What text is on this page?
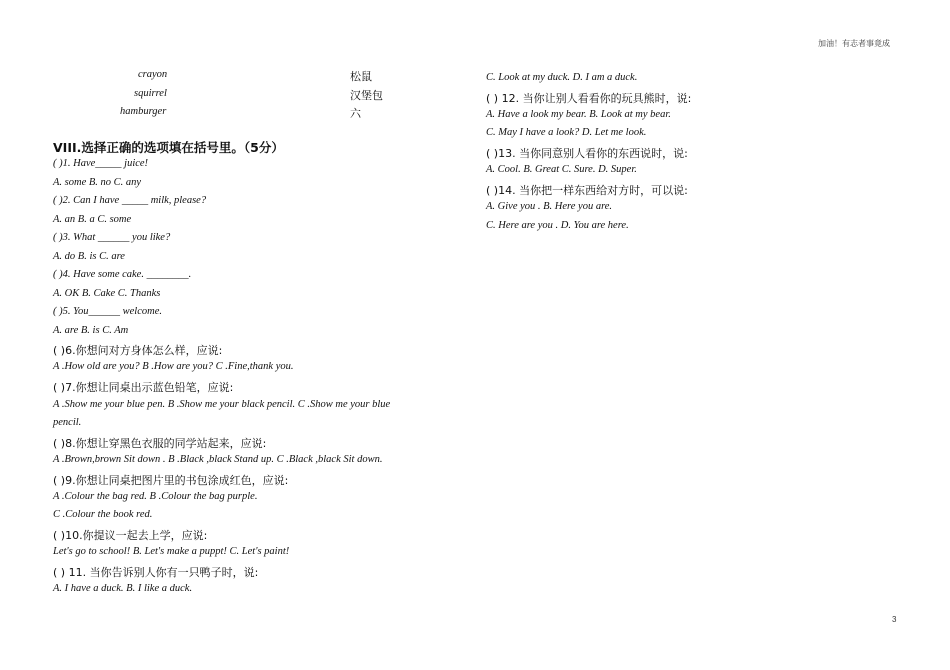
加油！有志者事竟成
crayon	松鼠
squirrel	汉堡包
hamburger	六
VIII.选择正确的选项填在括号里。（5分）
( )1. Have_____ juice!
A. some B. no C. any
( )2. Can I have _____ milk, please?
A. an B. a C. some
( )3. What ______ you like?
A. do B. is C. are
( )4. Have some cake. ________.
A. OK B. Cake C. Thanks
( )5. You______ welcome.
A. are B. is C. Am
( )6.你想问对方身体怎么样，应说:
A .How old are you? B .How are you? C .Fine,thank you.
( )7.你想让同桌出示蓝色铅笔，应说:
A .Show me your blue pen. B .Show me your black pencil. C .Show me your blue
pencil.
( )8.你想让穿黑色衣服的同学站起来，应说:
A .Brown,brown Sit down . B .Black ,black Stand up. C .Black ,black Sit down.
( )9.你想让同桌把图片里的书包涂成红色，应说:
A .Colour the bag red. B .Colour the bag purple.
C .Colour the book red.
( )10.你提议一起去上学，应说:
Let's go to school! B. Let's make a puppt! C. Let's paint!
( ) 11. 当你告诉别人你有一只鸭子时，说:
A. I have a duck. B. I like a duck.
C. Look at my duck. D. I am a duck.
( ) 12. 当你让别人看看你的玩具熊时，说:
A. Have a look my bear. B. Look at my bear.
C. May I have a look? D. Let me look.
( )13. 当你同意别人看你的东西说时，说:
A. Cool. B. Great C. Sure. D. Super.
( )14. 当你把一样东西给对方时，可以说:
A. Give you . B. Here you are.
C. Here are you . D. You are here.
3
